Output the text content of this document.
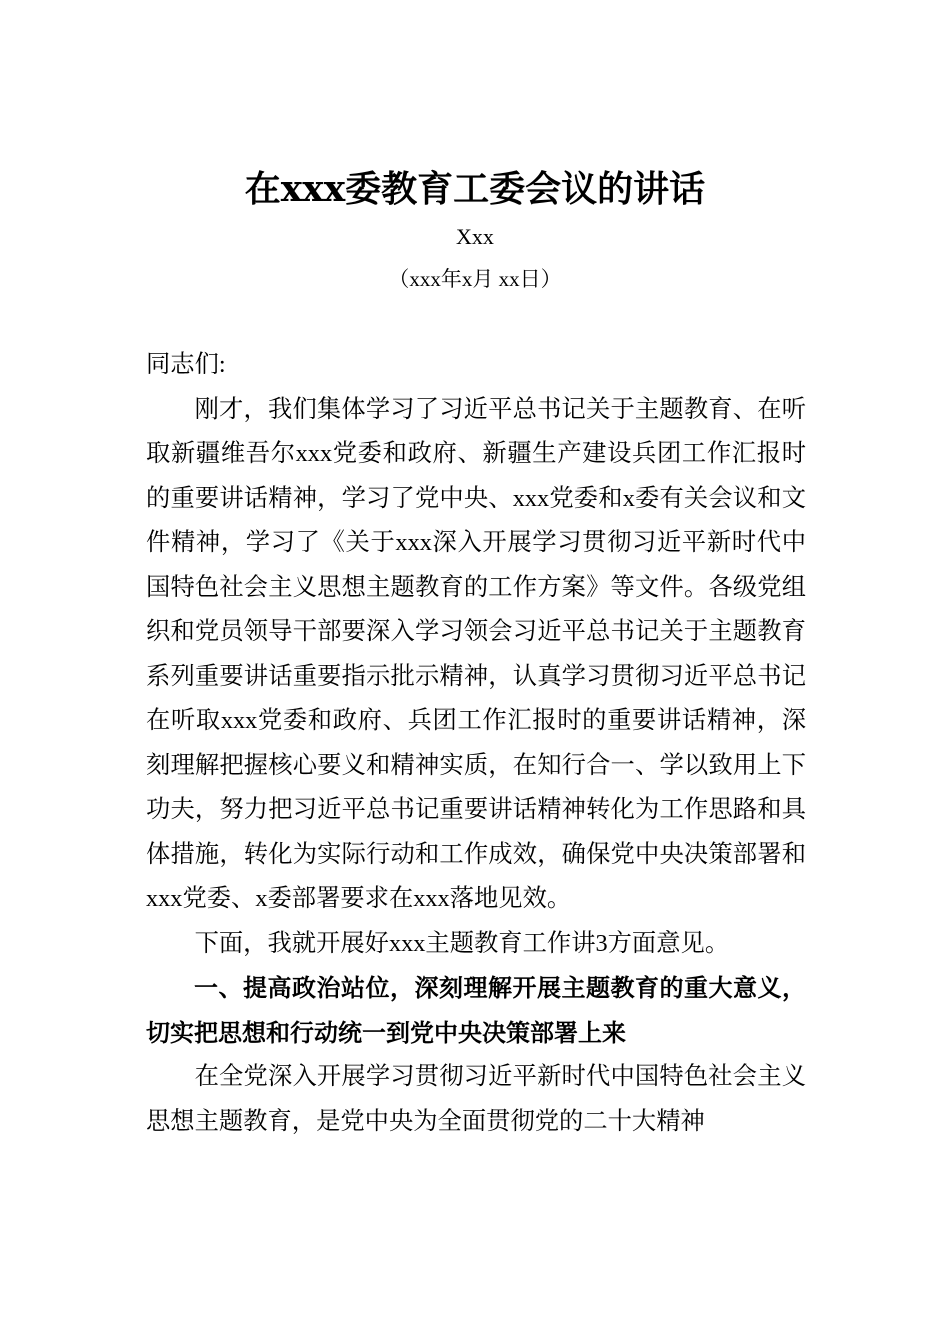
在xxx委教育工委会议的讲话
Xxx
（xxx年x月 xx日）

同志们:

刚才，我们集体学习了习近平总书记关于主题教育、在听取新疆维吾尔xxx党委和政府、新疆生产建设兵团工作汇报时的重要讲话精神，学习了党中央、xxx党委和x委有关会议和文件精神，学习了《关于xxx深入开展学习贯彻习近平新时代中国特色社会主义思想主题教育的工作方案》等文件。各级党组织和党员领导干部要深入学习领会习近平总书记关于主题教育系列重要讲话重要指示批示精神，认真学习贯彻习近平总书记在听取xxx党委和政府、兵团工作汇报时的重要讲话精神，深刻理解把握核心要义和精神实质，在知行合一、学以致用上下功夫，努力把习近平总书记重要讲话精神转化为工作思路和具体措施，转化为实际行动和工作成效，确保党中央决策部署和xxx党委、x委部署要求在xxx落地见效。

下面，我就开展好xxx主题教育工作讲3方面意见。

一、提高政治站位，深刻理解开展主题教育的重大意义，切实把思想和行动统一到党中央决策部署上来

在全党深入开展学习贯彻习近平新时代中国特色社会主义思想主题教育，是党中央为全面贯彻党的二十大精神
